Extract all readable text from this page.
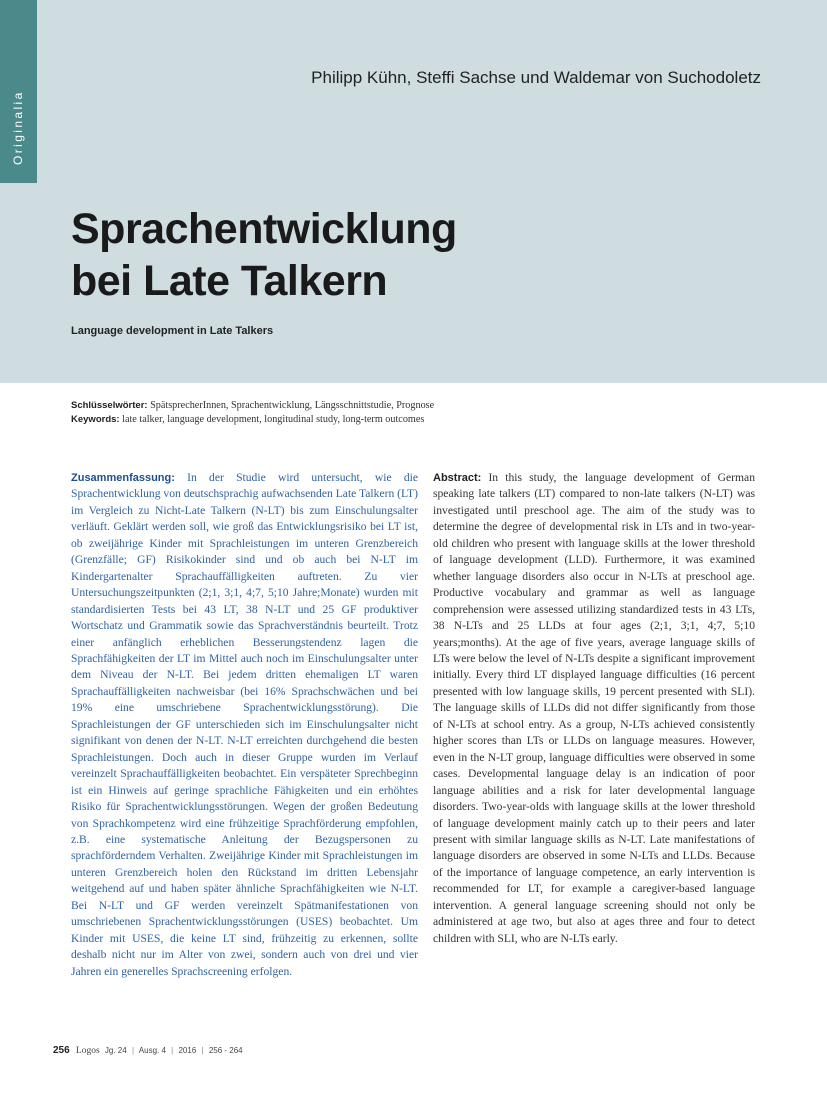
Originalia
Philipp Kühn, Steffi Sachse und Waldemar von Suchodoletz
Sprachentwicklung
bei Late Talkern
Language development in Late Talkers
Schlüsselwörter: SpätsprecherInnen, Sprachentwicklung, Längsschnittstudie, Prognose
Keywords: late talker, language development, longitudinal study, long-term outcomes

Zusammenfassung: In der Studie wird untersucht, wie die Sprachentwicklung von deutschsprachig aufwachsenden Late Talkern (LT) im Vergleich zu Nicht-Late Talkern (N-LT) bis zum Einschulungsalter verläuft. Geklärt werden soll, wie groß das Entwicklungsrisiko bei LT ist, ob zweijährige Kinder mit Sprachleistungen im unteren Grenzbereich (Grenzfälle; GF) Risikokinder sind und ob auch bei N-LT im Kindergartenalter Sprachauffälligkeiten auftreten. Zu vier Untersuchungszeitpunkten (2;1, 3;1, 4;7, 5;10 Jahre;Monate) wurden mit standardisierten Tests bei 43 LT, 38 N-LT und 25 GF produktiver Wortschatz und Grammatik sowie das Sprachverständnis beurteilt. Trotz einer anfänglich erheblichen Besserungstendenz lagen die Sprachfähigkeiten der LT im Mittel auch noch im Einschulungsalter unter dem Niveau der N-LT. Bei jedem dritten ehemaligen LT waren Sprachauffälligkeiten nachweisbar (bei 16% Sprachschwächen und bei 19% eine umschriebene Sprachentwicklungsstörung). Die Sprachleistungen der GF unterschieden sich im Einschulungsalter nicht signifikant von denen der N-LT. N-LT erreichten durchgehend die besten Sprachleistungen. Doch auch in dieser Gruppe wurden im Verlauf vereinzelt Sprachauffälligkeiten beobachtet. Ein verspäteter Sprechbeginn ist ein Hinweis auf geringe sprachliche Fähigkeiten und ein erhöhtes Risiko für Sprachentwicklungsstörungen. Wegen der großen Bedeutung von Sprachkompetenz wird eine frühzeitige Sprachförderung empfohlen, z.B. eine systematische Anleitung der Bezugspersonen zu sprachförderndem Verhalten. Zweijährige Kinder mit Sprachleistungen im unteren Grenzbereich holen den Rückstand im dritten Lebensjahr weitgehend auf und haben später ähnliche Sprachfähigkeiten wie N-LT. Bei N-LT und GF werden vereinzelt Spätmanifestationen von umschriebenen Sprachentwicklungsstörungen (USES) beobachtet. Um Kinder mit USES, die keine LT sind, frühzeitig zu erkennen, sollte deshalb nicht nur im Alter von zwei, sondern auch von drei und vier Jahren ein generelles Sprachscreening erfolgen.

Abstract: In this study, the language development of German speaking late talkers (LT) compared to non-late talkers (N-LT) was investigated until preschool age. The aim of the study was to determine the degree of developmental risk in LTs and in two-year-old children who present with language skills at the lower threshold of language development (LLD). Furthermore, it was examined whether language disorders also occur in N-LTs at preschool age. Productive vocabulary and grammar as well as language comprehension were assessed utilizing standardized tests in 43 LTs, 38 N-LTs and 25 LLDs at four ages (2;1, 3;1, 4;7, 5;10 years;months). At the age of five years, average language skills of LTs were below the level of N-LTs despite a significant improvement initially. Every third LT displayed language difficulties (16 percent presented with low language skills, 19 percent presented with SLI). The language skills of LLDs did not differ significantly from those of N-LTs at school entry. As a group, N-LTs achieved consistently higher scores than LTs or LLDs on language measures. However, even in the N-LT group, language difficulties were observed in some cases. Developmental language delay is an indication of poor language abilities and a risk for later developmental language disorders. Two-year-olds with language skills at the lower threshold of language development mainly catch up to their peers and later present with similar language skills as N-LT. Late manifestations of language disorders are observed in some N-LTs and LLDs. Because of the importance of language competence, an early intervention is recommended for LT, for example a caregiver-based language intervention. A general language screening should not only be administered at age two, but also at ages three and four to detect children with SLI, who are N-LTs early.

256 Logos Jg. 24 | Ausg. 4 | 2016 | 256 - 264
